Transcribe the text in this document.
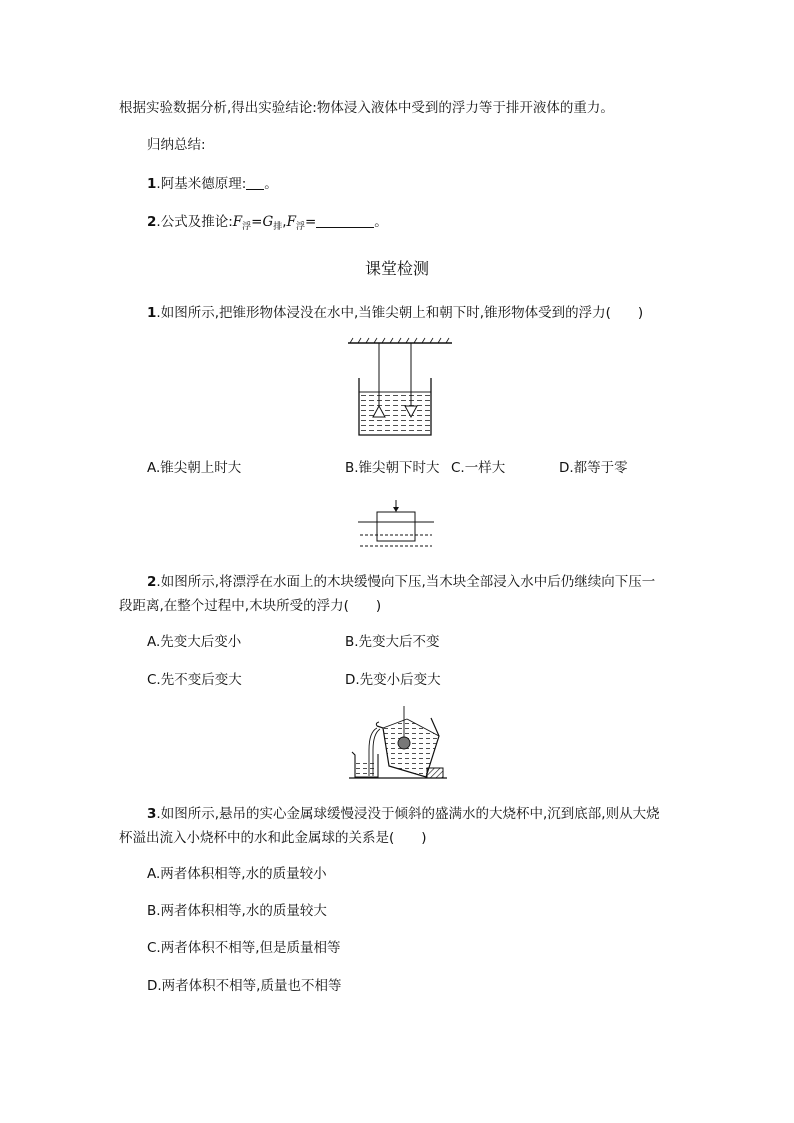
根据实验数据分析,得出实验结论:物体浸入液体中受到的浮力等于排开液体的重力。
归纳总结:
1.阿基米德原理: 。
2.公式及推论$:F_浮=G_排,F_浮=$	。
课堂检测
1.如图所示,把锥形物体浸没在水中,当锥尖朝上和朝下时,锥形物体受到的浮力(　　)
A.锥尖朝上时大	B.锥尖朝下时大 C.一样大	D.都等于零
2.如图所示,将漂浮在水面上的木块缓慢向下压,当木块全部浸入水中后仍继续向下压一
段距离,在整个过程中,木块所受的浮力(　　)
A.先变大后变小	B.先变大后不变
C.先不变后变大	D.先变小后变大
3.如图所示,悬吊的实心金属球缓慢浸没于倾斜的盛满水的大烧杯中,沉到底部,则从大烧
杯溢出流入小烧杯中的水和此金属球的关系是(　　)
A.两者体积相等,水的质量较小
B.两者体积相等,水的质量较大
C.两者体积不相等,但是质量相等
D.两者体积不相等,质量也不相等
